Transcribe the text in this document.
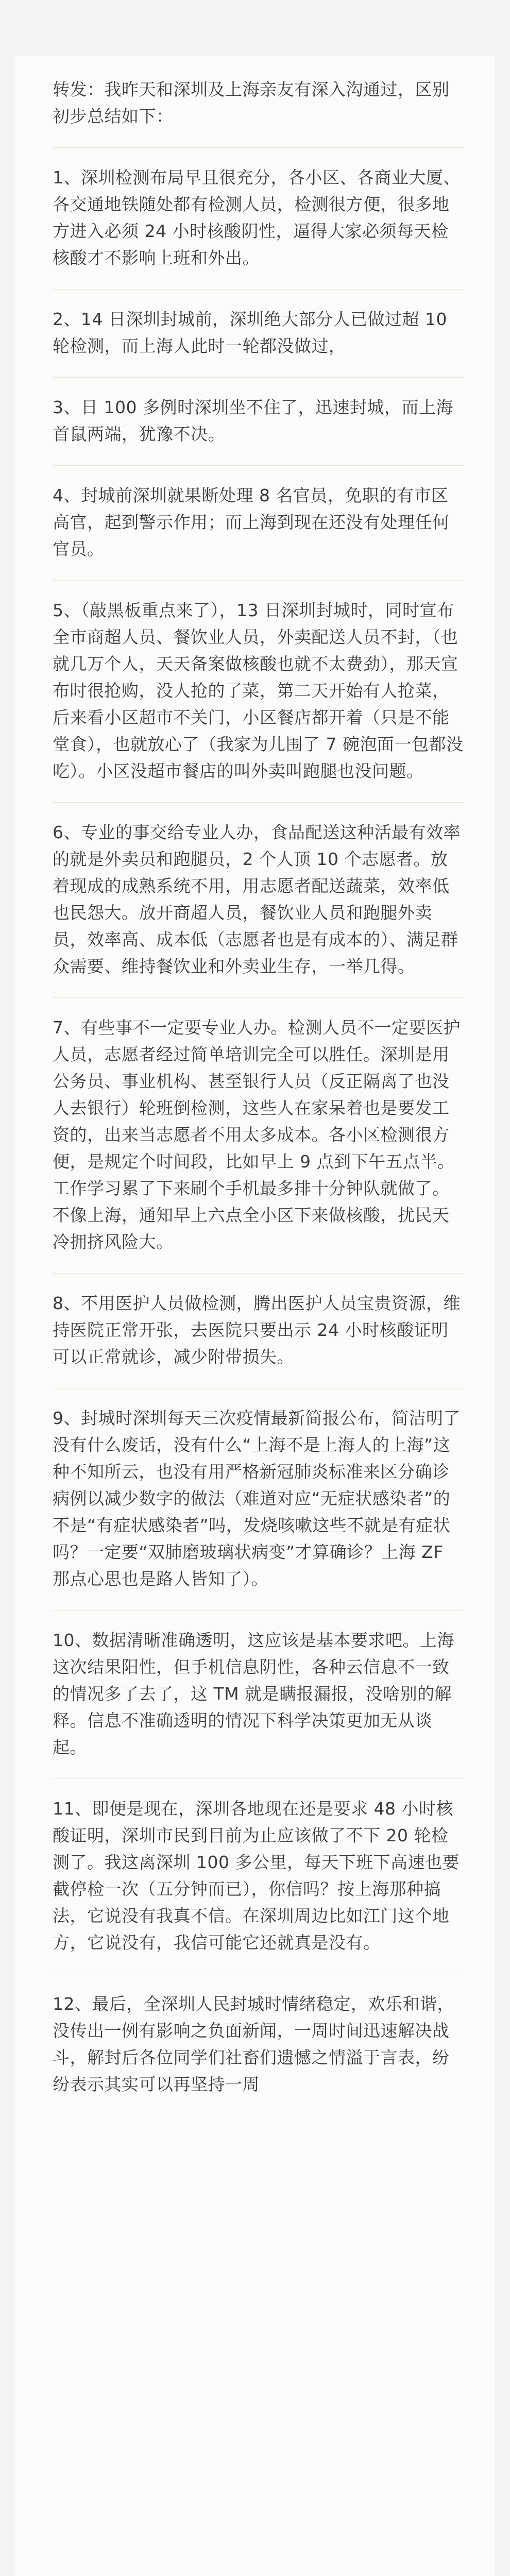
转发：我昨天和深圳及上海亲友有深入沟通过，区别初步总结如下：

1、深圳检测布局早且很充分，各小区、各商业大厦、各交通地铁随处都有检测人员，检测很方便，很多地方进入必须 24 小时核酸阴性，逼得大家必须每天检核酸才不影响上班和外出。

2、14 日深圳封城前，深圳绝大部分人已做过超 10 轮检测，而上海人此时一轮都没做过，

3、日 100 多例时深圳坐不住了，迅速封城，而上海首鼠两端，犹豫不决。

4、封城前深圳就果断处理 8 名官员，免职的有市区高官，起到警示作用；而上海到现在还没有处理任何官员。

5、（敲黑板重点来了），13 日深圳封城时，同时宣布全市商超人员、餐饮业人员，外卖配送人员不封，（也就几万个人，天天备案做核酸也就不太费劲），那天宣布时很抢购，没人抢的了菜，第二天开始有人抢菜，后来看小区超市不关门，小区餐店都开着（只是不能堂食），也就放心了（我家为儿围了 7 碗泡面一包都没吃）。小区没超市餐店的叫外卖叫跑腿也没问题。

6、专业的事交给专业人办，食品配送这种活最有效率的就是外卖员和跑腿员，2 个人顶 10 个志愿者。放着现成的成熟系统不用，用志愿者配送蔬菜，效率低也民怨大。放开商超人员，餐饮业人员和跑腿外卖员，效率高、成本低（志愿者也是有成本的）、满足群众需要、维持餐饮业和外卖业生存，一举几得。

7、有些事不一定要专业人办。检测人员不一定要医护人员，志愿者经过简单培训完全可以胜任。深圳是用公务员、事业机构、甚至银行人员（反正隔离了也没人去银行）轮班倒检测，这些人在家呆着也是要发工资的，出来当志愿者不用太多成本。各小区检测很方便，是规定个时间段，比如早上 9 点到下午五点半。工作学习累了下来刷个手机最多排十分钟队就做了。不像上海，通知早上六点全小区下来做核酸，扰民天冷拥挤风险大。

8、不用医护人员做检测，腾出医护人员宝贵资源，维持医院正常开张，去医院只要出示 24 小时核酸证明可以正常就诊，减少附带损失。

9、封城时深圳每天三次疫情最新简报公布，简洁明了没有什么废话，没有什么“上海不是上海人的上海”这种不知所云，也没有用严格新冠肺炎标准来区分确诊病例以减少数字的做法（难道对应“无症状感染者”的不是“有症状感染者”吗，发烧咳嗽这些不就是有症状吗？一定要“双肺磨玻璃状病变”才算确诊？上海 ZF 那点心思也是路人皆知了）。

10、数据清晰准确透明，这应该是基本要求吧。上海这次结果阳性，但手机信息阴性，各种云信息不一致的情况多了去了，这 TM 就是瞒报漏报，没啥别的解释。信息不准确透明的情况下科学决策更加无从谈起。

11、即便是现在，深圳各地现在还是要求 48 小时核酸证明，深圳市民到目前为止应该做了不下 20 轮检测了。我这离深圳 100 多公里，每天下班下高速也要截停检一次（五分钟而已），你信吗？按上海那种搞法，它说没有我真不信。在深圳周边比如江门这个地方，它说没有，我信可能它还就真是没有。

12、最后，全深圳人民封城时情绪稳定，欢乐和谐，没传出一例有影响之负面新闻，一周时间迅速解决战斗，解封后各位同学们社畜们遗憾之情溢于言表，纷纷表示其实可以再坚持一周
